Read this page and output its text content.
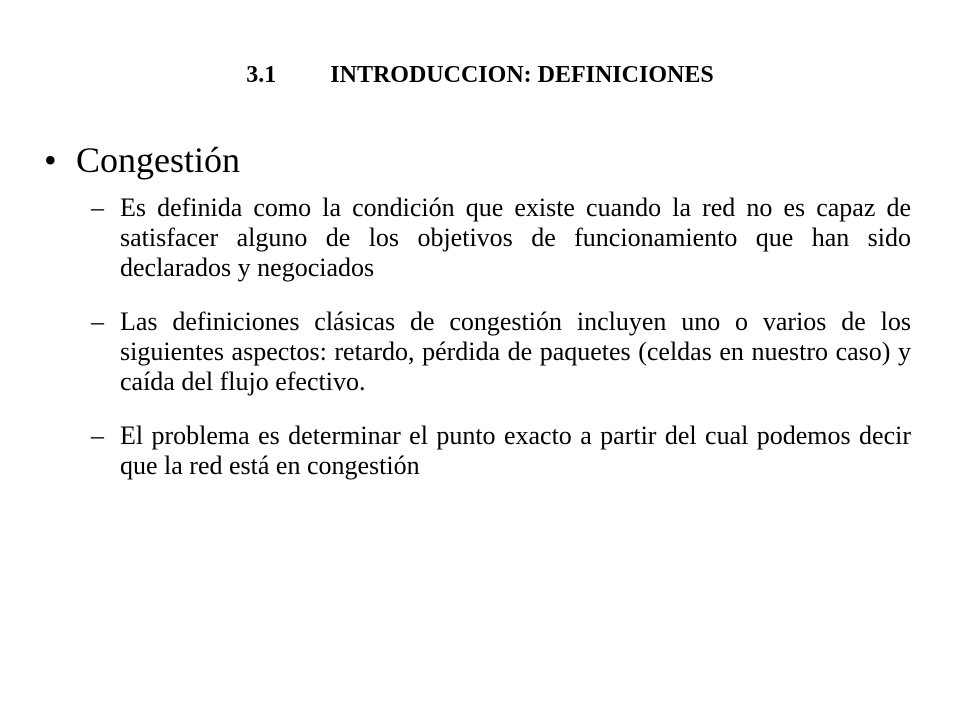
3.1 INTRODUCCION: DEFINICIONES
• Congestión
– Es definida como la condición que existe cuando la red no es capaz de satisfacer alguno de los objetivos de funcionamiento que han sido declarados y negociados
– Las definiciones clásicas de congestión incluyen uno o varios de los siguientes aspectos: retardo, pérdida de paquetes (celdas en nuestro caso) y caída del flujo efectivo.
– El problema es determinar el punto exacto a partir del cual podemos decir que la red está en congestión
